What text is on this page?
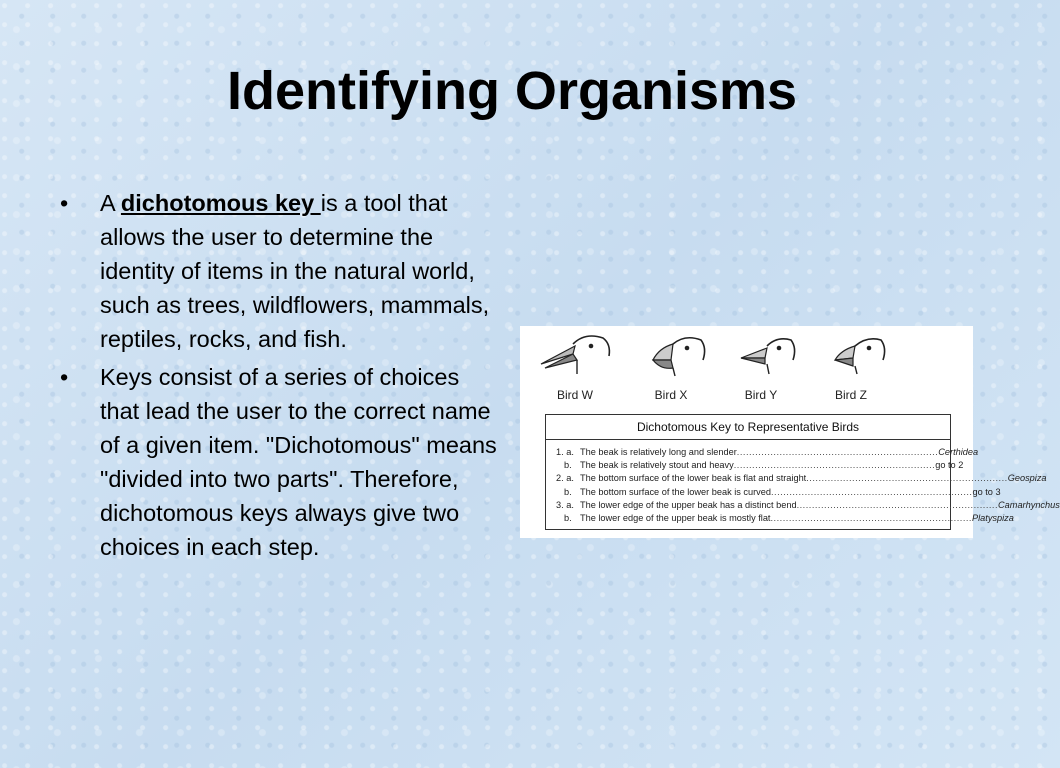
Identifying Organisms
• A dichotomous key is a tool that allows the user to determine the identity of items in the natural world, such as trees, wildflowers, mammals, reptiles, rocks, and fish.
• Keys consist of a series of choices that lead the user to the correct name of a given item. "Dichotomous" means "divided into two parts". Therefore, dichotomous keys always give two choices in each step.
Bird W	Bird X	Bird Y	Bird Z
Dichotomous Key to Representative Birds
1. a. The beak is relatively long and slender .................................................................. Certhidea
b. The beak is relatively stout and heavy .................................................................. go to 2
2. a. The bottom surface of the lower beak is flat and straight .................................................................. Geospiza
b. The bottom surface of the lower beak is curved .................................................................. go to 3
3. a. The lower edge of the upper beak has a distinct bend .................................................................. Camarhynchus
b. The lower edge of the upper beak is mostly flat .................................................................. Platyspiza
